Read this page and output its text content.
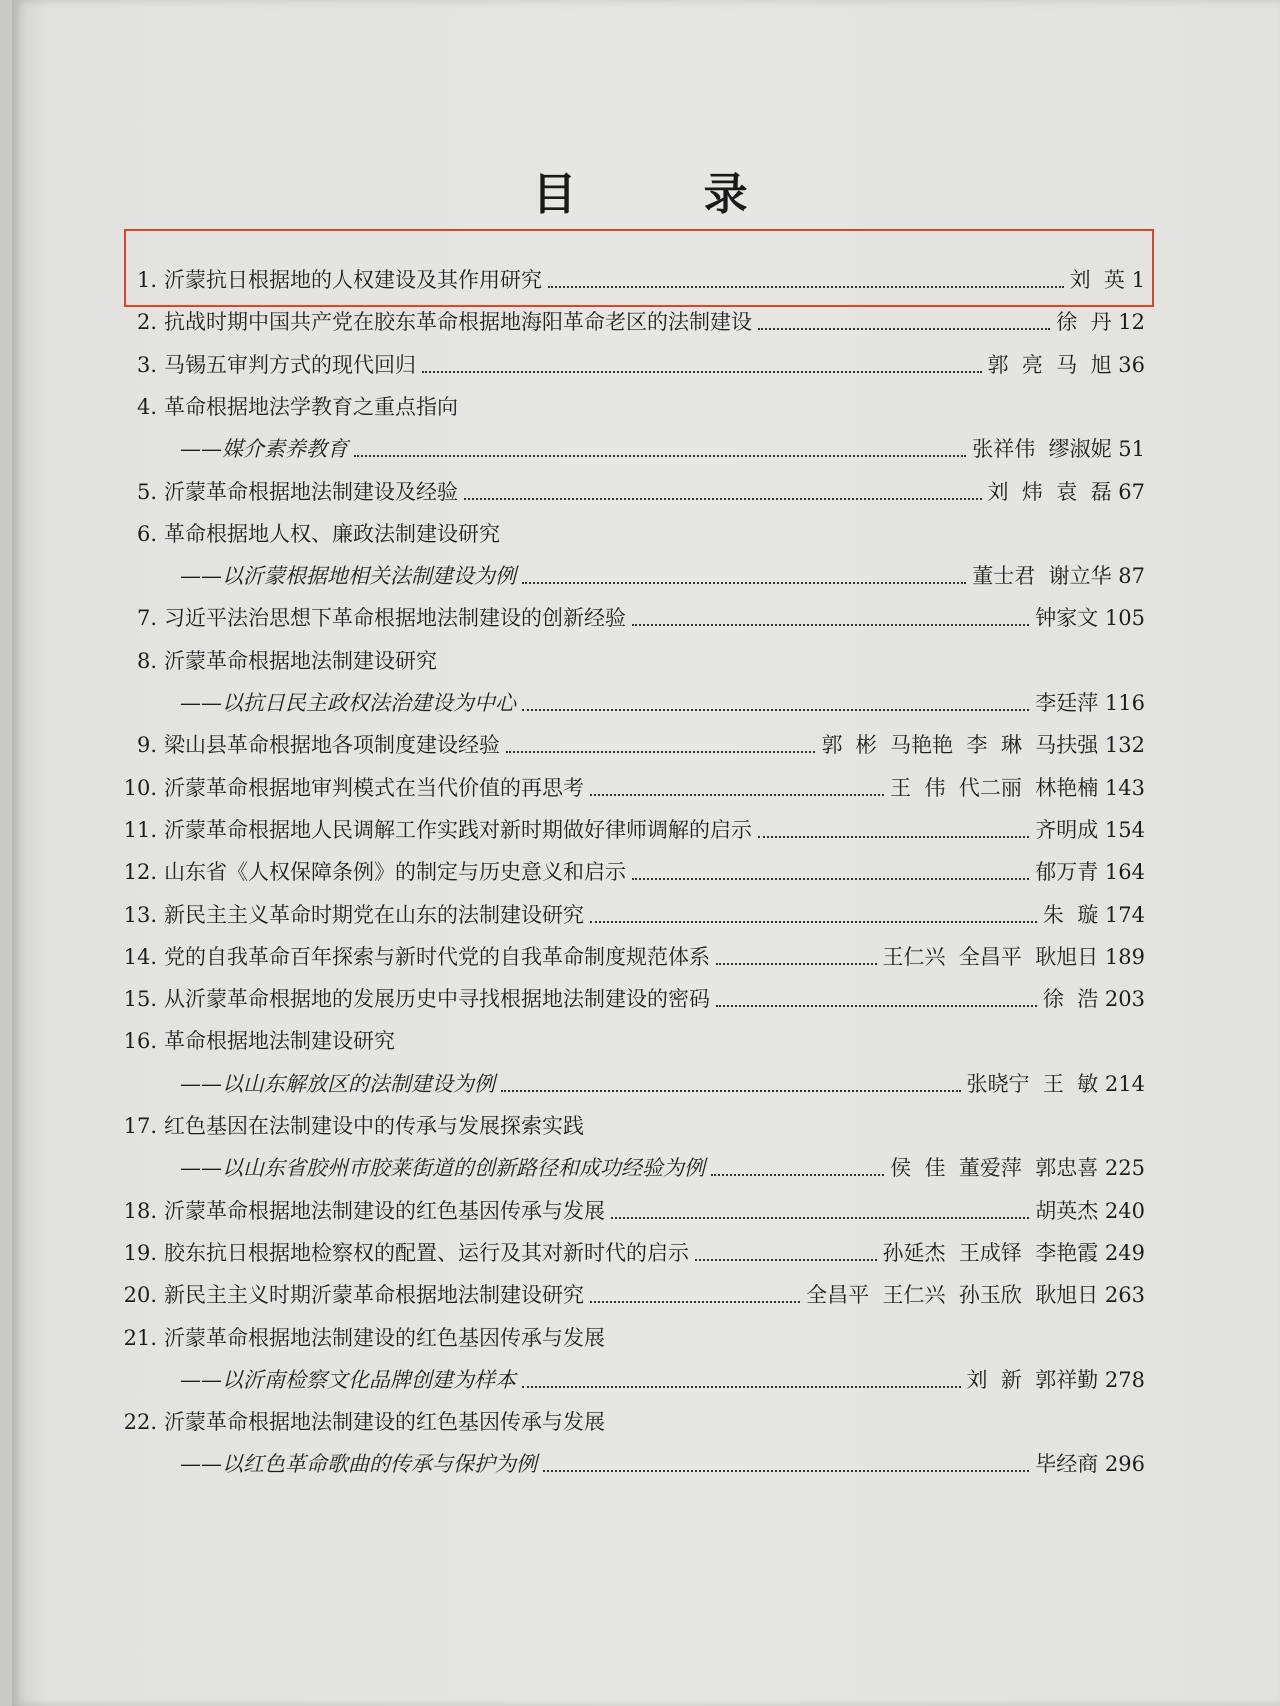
目 录
1. 沂蒙抗日根据地的人权建设及其作用研究	刘  英 1
2. 抗战时期中国共产党在胶东革命根据地海阳革命老区的法制建设	徐  丹 12
3. 马锡五审判方式的现代回归	郭  亮  马  旭 36
4. 革命根据地法学教育之重点指向
——媒介素养教育	张祥伟  缪淑妮 51
5. 沂蒙革命根据地法制建设及经验	刘  炜  袁  磊 67
6. 革命根据地人权、廉政法制建设研究
——以沂蒙根据地相关法制建设为例	董士君  谢立华 87
7. 习近平法治思想下革命根据地法制建设的创新经验	钟家文 105
8. 沂蒙革命根据地法制建设研究
——以抗日民主政权法治建设为中心	李廷萍 116
9. 梁山县革命根据地各项制度建设经验	郭  彬  马艳艳  李  琳  马扶强 132
10. 沂蒙革命根据地审判模式在当代价值的再思考	王  伟  代二丽  林艳楠 143
11. 沂蒙革命根据地人民调解工作实践对新时期做好律师调解的启示	齐明成 154
12. 山东省《人权保障条例》的制定与历史意义和启示	郁万青 164
13. 新民主主义革命时期党在山东的法制建设研究	朱  璇 174
14. 党的自我革命百年探索与新时代党的自我革命制度规范体系	王仁兴  全昌平  耿旭日 189
15. 从沂蒙革命根据地的发展历史中寻找根据地法制建设的密码	徐  浩 203
16. 革命根据地法制建设研究
——以山东解放区的法制建设为例	张晓宁  王  敏 214
17. 红色基因在法制建设中的传承与发展探索实践
——以山东省胶州市胶莱街道的创新路径和成功经验为例	侯  佳  董爱萍  郭忠喜 225
18. 沂蒙革命根据地法制建设的红色基因传承与发展	胡英杰 240
19. 胶东抗日根据地检察权的配置、运行及其对新时代的启示	孙延杰  王成铎  李艳霞 249
20. 新民主主义时期沂蒙革命根据地法制建设研究	全昌平  王仁兴  孙玉欣  耿旭日 263
21. 沂蒙革命根据地法制建设的红色基因传承与发展
——以沂南检察文化品牌创建为样本	刘  新  郭祥勤 278
22. 沂蒙革命根据地法制建设的红色基因传承与发展
——以红色革命歌曲的传承与保护为例	毕经商 296
